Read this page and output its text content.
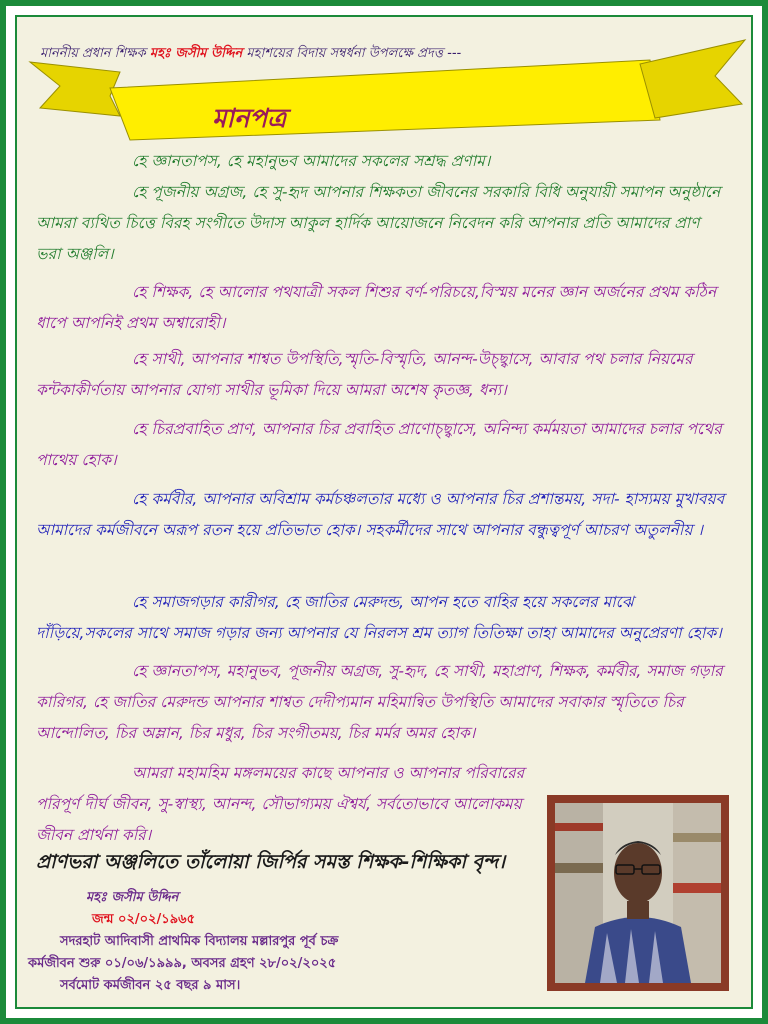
মাননীয় প্রধান শিক্ষক মহঃ জসীম উদ্দিন মহাশয়ের বিদায় সম্বর্ধনা উপলক্ষে প্রদত্ত ---
মানপত্র
হে জ্ঞানতাপস, হে মহানুভব আমাদের সকলের সশ্রদ্ধ প্রণাম।
হে পূজনীয় অগ্রজ, হে সু-হৃদ আপনার শিক্ষকতা জীবনের সরকারি বিধি অনুযায়ী সমাপন অনুষ্ঠানে আমরা ব্যথিত চিত্তে বিরহ সংগীতে উদাস আকুল হার্দিক আয়োজনে নিবেদন করি আপনার প্রতি আমাদের প্রাণ ভরা অঞ্জলি।
হে শিক্ষক, হে আলোর পথযাত্রী সকল শিশুর বর্ণ-পরিচয়ে,বিস্ময় মনের জ্ঞান অর্জনের প্রথম কঠিন ধাপে আপনিই প্রথম অশ্বারোহী।
হে সাথী, আপনার শাশ্বত উপস্থিতি,স্মৃতি-বিস্মৃতি, আনন্দ-উচ্ছ্বাসে, আবার পথ চলার নিয়মের কন্টকাকীর্ণতায় আপনার যোগ্য সাথীর ভূমিকা দিয়ে আমরা অশেষ কৃতজ্ঞ, ধন্য।
হে চিরপ্রবাহিত প্রাণ, আপনার চির প্রবাহিত প্রাণোচ্ছ্বাসে, অনিন্দ্য কর্মময়তা আমাদের চলার পথের পাথেয় হোক।
হে কর্মবীর, আপনার অবিশ্রাম কর্মচঞ্চলতার মধ্যে ও আপনার চির প্রশান্তময়, সদা- হাস্যময় মুখাবয়ব আমাদের কর্মজীবনে অরূপ রতন হয়ে প্রতিভাত হোক। সহকর্মীদের সাথে আপনার বন্ধুত্বপূর্ণ আচরণ অতুলনীয় ।
হে সমাজগড়ার কারীগর, হে জাতির মেরুদন্ড, আপন হতে বাহির হয়ে সকলের মাঝে দাঁড়িয়ে,সকলের সাথে সমাজ গড়ার জন্য আপনার যে নিরলস শ্রম ত্যাগ তিতিক্ষা তাহা আমাদের অনুপ্রেরণা হোক।
হে জ্ঞানতাপস, মহানুভব, পূজনীয় অগ্রজ, সু-হৃদ, হে সাথী, মহাপ্রাণ, শিক্ষক, কর্মবীর, সমাজ গড়ার কারিগর, হে জাতির মেরুদন্ড আপনার শাশ্বত দেদীপ্যমান মহিমান্বিত উপস্থিতি আমাদের সবাকার স্মৃতিতে চির আন্দোলিত, চির অম্লান, চির মধুর, চির সংগীতময়, চির মর্মর অমর হোক।
আমরা মহামহিম মঙ্গলময়ের কাছে আপনার ও আপনার পরিবারের পরিপূর্ণ দীর্ঘ জীবন, সু-স্বাস্থ্য, আনন্দ, সৌভাগ্যময় ঐশ্বর্য, সর্বতোভাবে আলোকময় জীবন প্রার্থনা করি।
প্রাণভরা অঞ্জলিতে তাঁলোয়া জির্পির সমস্ত শিক্ষক-শিক্ষিকা বৃন্দ।
মহঃ জসীম উদ্দিন
জন্ম ০২/০২/১৯৬৫
সদরহাট আদিবাসী প্রাথমিক বিদ্যালয় মল্লারপুর পূর্ব চক্র
কর্মজীবন শুরু ০১/০৬/১৯৯৯, অবসর গ্রহণ ২৮/০২/২০২৫
সর্বমোট কর্মজীবন ২৫ বছর ৯ মাস।
